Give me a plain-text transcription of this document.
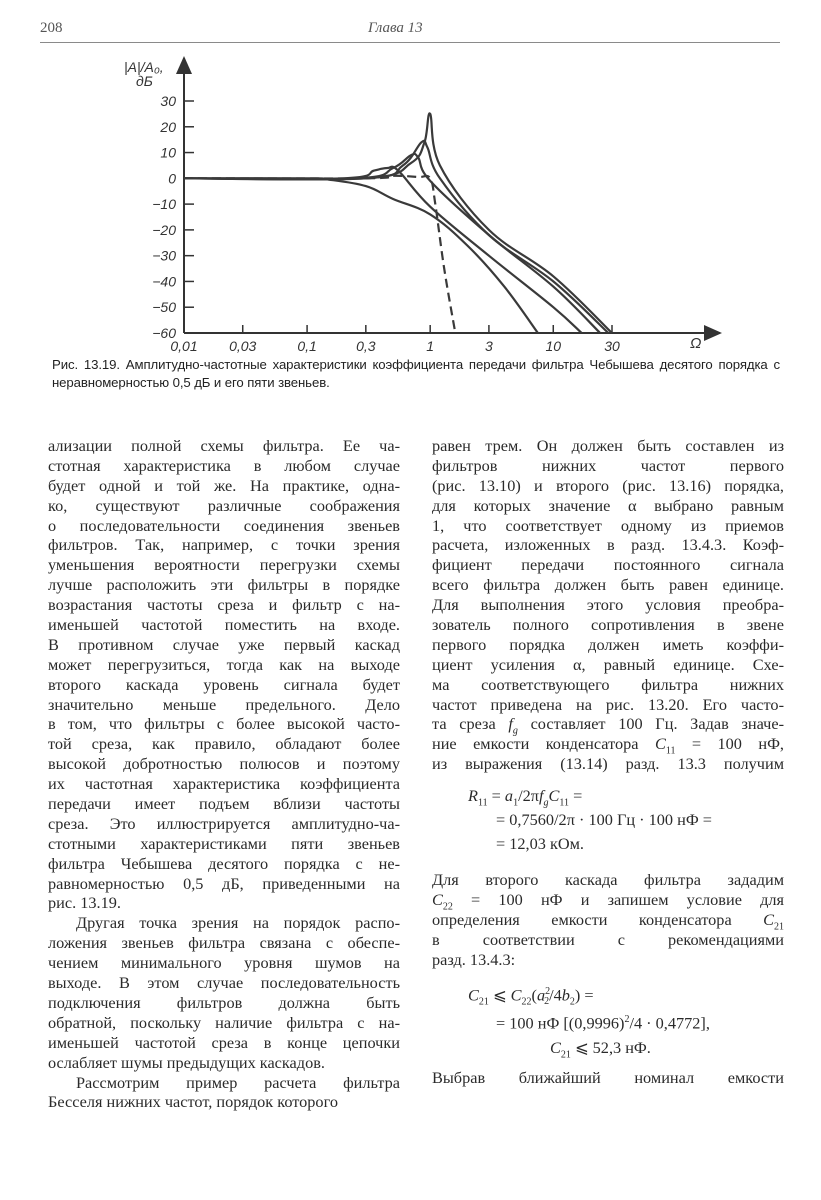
208	Глава 13
0,01 0,03	0,1	0,3	1	3	10	30
30
20
10
0
−10
−20
−30
−40
−50
−60
|A|/A₀,
дБ
Ω
Рис. 13.19. Амплитудно-частотные характеристики коэффициента передачи фильтра Чебышева десятого порядка с неравномерностью 0,5 дБ и его пяти звеньев.
ализации полной схемы фильтра. Ее ча-
стотная характеристика в любом случае
будет одной и той же. На практике, одна-
ко, существуют различные соображения
о последовательности соединения звеньев
фильтров. Так, например, с точки зрения
уменьшения вероятности перегрузки схемы
лучше расположить эти фильтры в порядке
возрастания частоты среза и фильтр с на-
именьшей частотой поместить на входе.
В противном случае уже первый каскад
может перегрузиться, тогда как на выходе
второго каскада уровень сигнала будет
значительно меньше предельного. Дело
в том, что фильтры с более высокой часто-
той среза, как правило, обладают более
высокой добротностью полюсов и поэтому
их частотная характеристика коэффициента
передачи имеет подъем вблизи частоты
среза. Это иллюстрируется амплитудно-ча-
стотными характеристиками пяти звеньев
фильтра Чебышева десятого порядка с не-
равномерностью 0,5 дБ, приведенными на
рис. 13.19.
Другая точка зрения на порядок распо-
ложения звеньев фильтра связана с обеспе-
чением минимального уровня шумов на
выходе. В этом случае последовательность
подключения фильтров должна быть
обратной, поскольку наличие фильтра с на-
именьшей частотой среза в конце цепочки
ослабляет шумы предыдущих каскадов.
Рассмотрим пример расчета фильтра
Бесселя нижних частот, порядок которого
равен трем. Он должен быть составлен из
фильтров нижних частот первого
(рис. 13.10) и второго (рис. 13.16) порядка,
для которых значение α выбрано равным
1, что соответствует одному из приемов
расчета, изложенных в разд. 13.4.3. Коэф-
фициент передачи постоянного сигнала
всего фильтра должен быть равен единице.
Для выполнения этого условия преобра-
зователь полного сопротивления в звене
первого порядка должен иметь коэффи-
циент усиления α, равный единице. Схе-
ма соответствующего фильтра нижних
частот приведена на рис. 13.20. Его часто-
та среза $f_g$ составляет 100 Гц. Задав значе-
ние емкости конденсатора $C_{11} = 100$ нФ,
из выражения (13.14) разд. 13.3 получим
$R_{11} = a_1/2\pi f_gC_{11}$ =
= 0,7560/2π · 100 Гц · 100 нФ =
= 12,03 кОм.
Для второго каскада фильтра зададим
$C_{22} = 100$ нФ и запишем условие для
определения емкости конденсатора $C_{21}$
в соответствии с рекомендациями
разд. 13.4.3:
$C_{21}$ ⩽ $C_{22}(a^2_2/4b_2)$ =
= 100 нФ $[(0,9996)^2/4 \cdot 0,4772]$,
$C_{21}$ ⩽ 52,3 нФ.
Выбрав ближайший номинал емкости
